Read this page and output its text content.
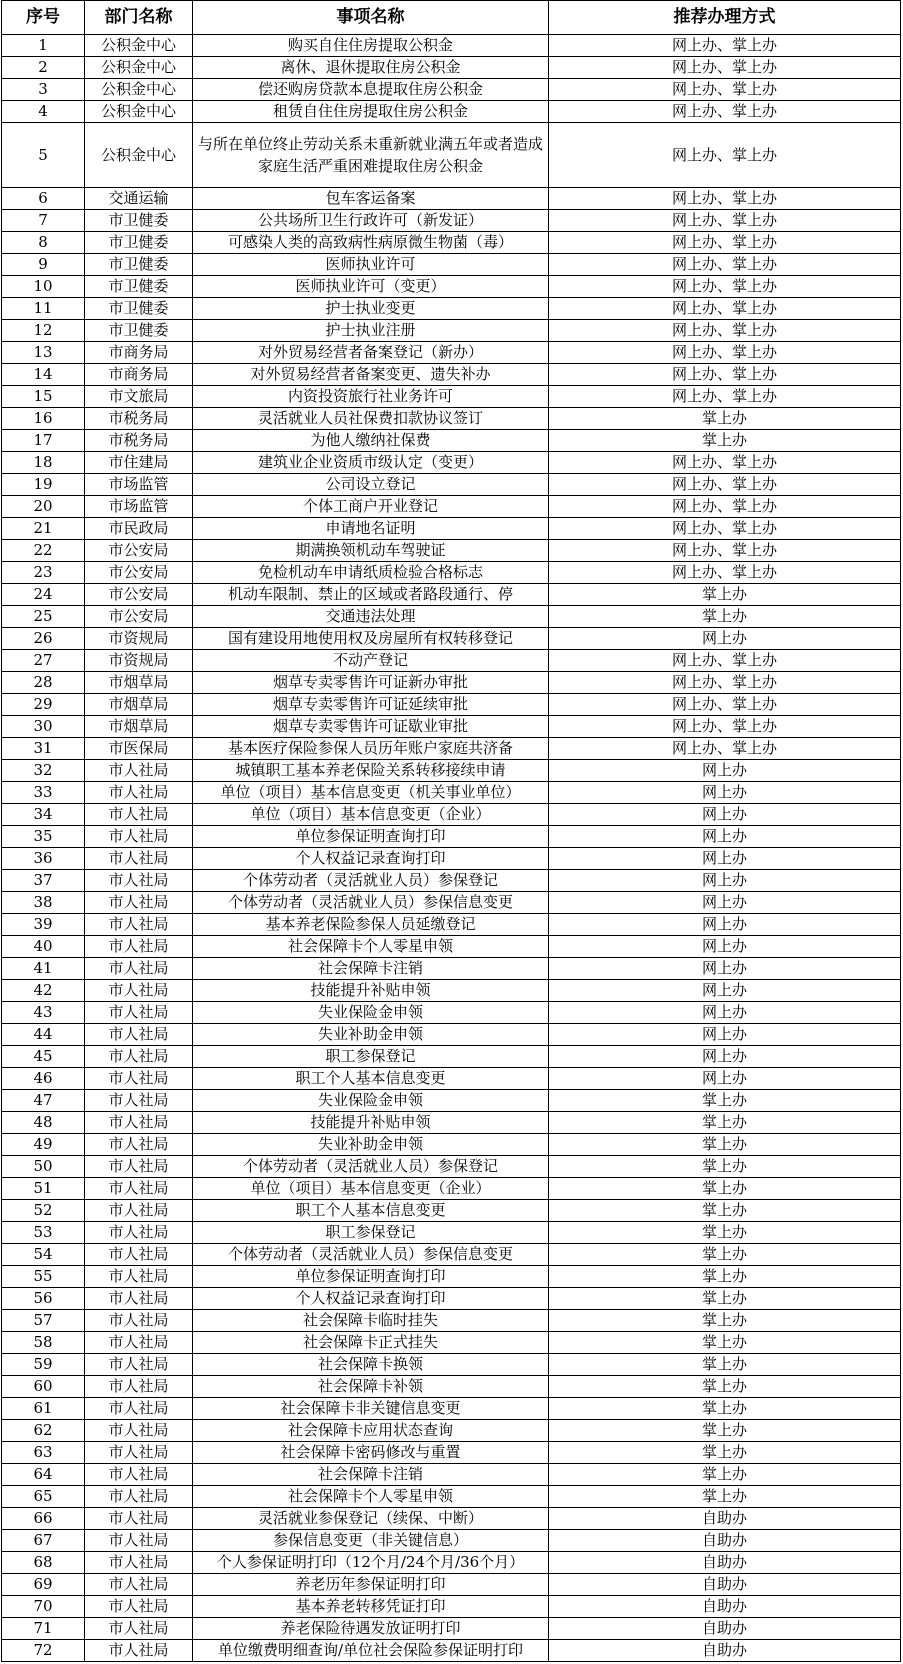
序号	部门名称	事项名称	推荐办理方式
1	公积金中心	购买自住住房提取公积金	网上办、掌上办
2	公积金中心	离休、退休提取住房公积金	网上办、掌上办
3	公积金中心	偿还购房贷款本息提取住房公积金	网上办、掌上办
4	公积金中心	租赁自住住房提取住房公积金	网上办、掌上办
5	公积金中心	与所在单位终止劳动关系未重新就业满五年或者造成家庭生活严重困难提取住房公积金	网上办、掌上办
6	交通运输	包车客运备案	网上办、掌上办
7	市卫健委	公共场所卫生行政许可（新发证）	网上办、掌上办
8	市卫健委	可感染人类的高致病性病原微生物菌（毒）	网上办、掌上办
9	市卫健委	医师执业许可	网上办、掌上办
10	市卫健委	医师执业许可（变更）	网上办、掌上办
11	市卫健委	护士执业变更	网上办、掌上办
12	市卫健委	护士执业注册	网上办、掌上办
13	市商务局	对外贸易经营者备案登记（新办）	网上办、掌上办
14	市商务局	对外贸易经营者备案变更、遗失补办	网上办、掌上办
15	市文旅局	内资投资旅行社业务许可	网上办、掌上办
16	市税务局	灵活就业人员社保费扣款协议签订	掌上办
17	市税务局	为他人缴纳社保费	掌上办
18	市住建局	建筑业企业资质市级认定（变更）	网上办、掌上办
19	市场监管	公司设立登记	网上办、掌上办
20	市场监管	个体工商户开业登记	网上办、掌上办
21	市民政局	申请地名证明	网上办、掌上办
22	市公安局	期满换领机动车驾驶证	网上办、掌上办
23	市公安局	免检机动车申请纸质检验合格标志	网上办、掌上办
24	市公安局	机动车限制、禁止的区域或者路段通行、停	掌上办
25	市公安局	交通违法处理	掌上办
26	市资规局	国有建设用地使用权及房屋所有权转移登记	网上办
27	市资规局	不动产登记	网上办、掌上办
28	市烟草局	烟草专卖零售许可证新办审批	网上办、掌上办
29	市烟草局	烟草专卖零售许可证延续审批	网上办、掌上办
30	市烟草局	烟草专卖零售许可证歇业审批	网上办、掌上办
31	市医保局	基本医疗保险参保人员历年账户家庭共济备	网上办、掌上办
32	市人社局	城镇职工基本养老保险关系转移接续申请	网上办
33	市人社局	单位（项目）基本信息变更（机关事业单位）	网上办
34	市人社局	单位（项目）基本信息变更（企业）	网上办
35	市人社局	单位参保证明查询打印	网上办
36	市人社局	个人权益记录查询打印	网上办
37	市人社局	个体劳动者（灵活就业人员）参保登记	网上办
38	市人社局	个体劳动者（灵活就业人员）参保信息变更	网上办
39	市人社局	基本养老保险参保人员延缴登记	网上办
40	市人社局	社会保障卡个人零星申领	网上办
41	市人社局	社会保障卡注销	网上办
42	市人社局	技能提升补贴申领	网上办
43	市人社局	失业保险金申领	网上办
44	市人社局	失业补助金申领	网上办
45	市人社局	职工参保登记	网上办
46	市人社局	职工个人基本信息变更	网上办
47	市人社局	失业保险金申领	掌上办
48	市人社局	技能提升补贴申领	掌上办
49	市人社局	失业补助金申领	掌上办
50	市人社局	个体劳动者（灵活就业人员）参保登记	掌上办
51	市人社局	单位（项目）基本信息变更（企业）	掌上办
52	市人社局	职工个人基本信息变更	掌上办
53	市人社局	职工参保登记	掌上办
54	市人社局	个体劳动者（灵活就业人员）参保信息变更	掌上办
55	市人社局	单位参保证明查询打印	掌上办
56	市人社局	个人权益记录查询打印	掌上办
57	市人社局	社会保障卡临时挂失	掌上办
58	市人社局	社会保障卡正式挂失	掌上办
59	市人社局	社会保障卡换领	掌上办
60	市人社局	社会保障卡补领	掌上办
61	市人社局	社会保障卡非关键信息变更	掌上办
62	市人社局	社会保障卡应用状态查询	掌上办
63	市人社局	社会保障卡密码修改与重置	掌上办
64	市人社局	社会保障卡注销	掌上办
65	市人社局	社会保障卡个人零星申领	掌上办
66	市人社局	灵活就业参保登记（续保、中断）	自助办
67	市人社局	参保信息变更（非关键信息）	自助办
68	市人社局	个人参保证明打印（12个月/24个月/36个月）	自助办
69	市人社局	养老历年参保证明打印	自助办
70	市人社局	基本养老转移凭证打印	自助办
71	市人社局	养老保险待遇发放证明打印	自助办
72	市人社局	单位缴费明细查询/单位社会保险参保证明打印	自助办
